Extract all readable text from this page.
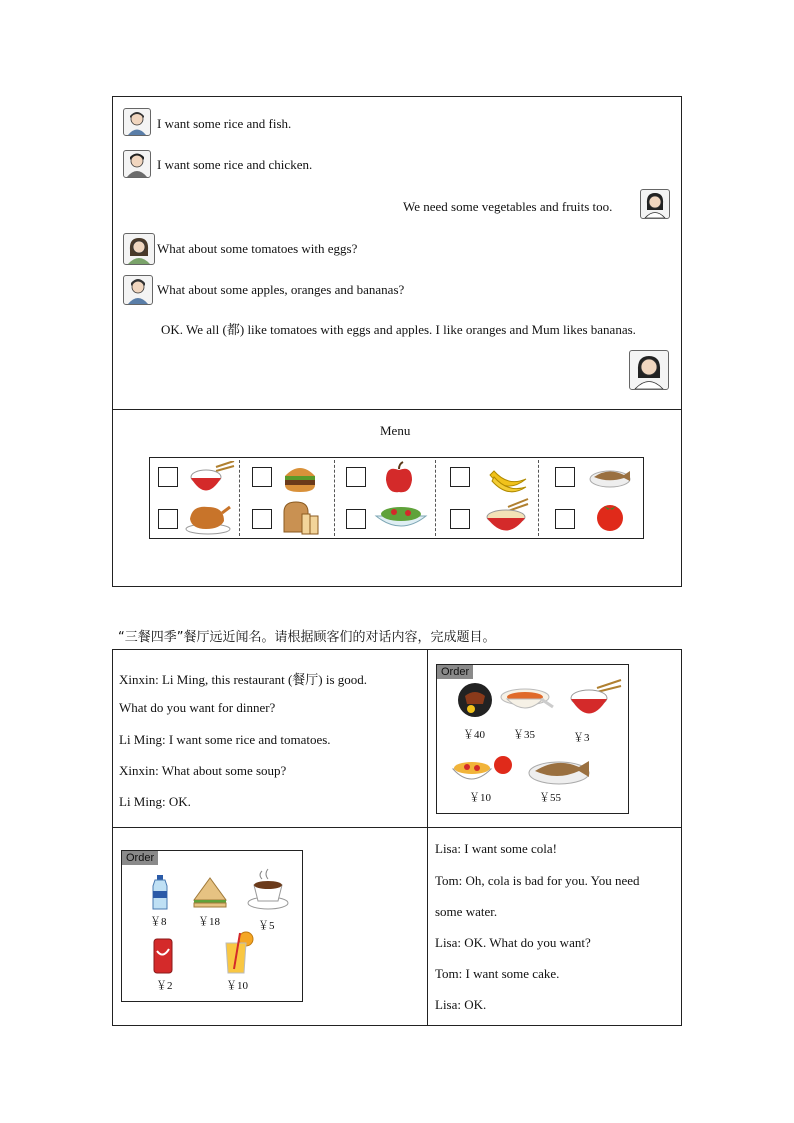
I want some rice and fish.
I want some rice and chicken.
We need some vegetables and fruits too.
What about some tomatoes with eggs?
What about some apples, oranges and bananas?
OK. We all (都) like tomatoes with eggs and apples. I like oranges and Mum likes bananas.
Menu
“三餐四季”餐厅远近闻名。请根据顾客们的对话内容，完成题目。
Xinxin: Li Ming, this restaurant (餐厅) is good.
What do you want for dinner?
Li Ming: I want some rice and tomatoes.
Xinxin: What about some soup?
Li Ming: OK.
Order
￥40	￥35	￥3
￥10	￥55
Order
￥8	￥18	￥5
￥2	￥10
Lisa: I want some cola!
Tom: Oh, cola is bad for you. You need
some water.
Lisa: OK. What do you want?
Tom: I want some cake.
Lisa: OK.
